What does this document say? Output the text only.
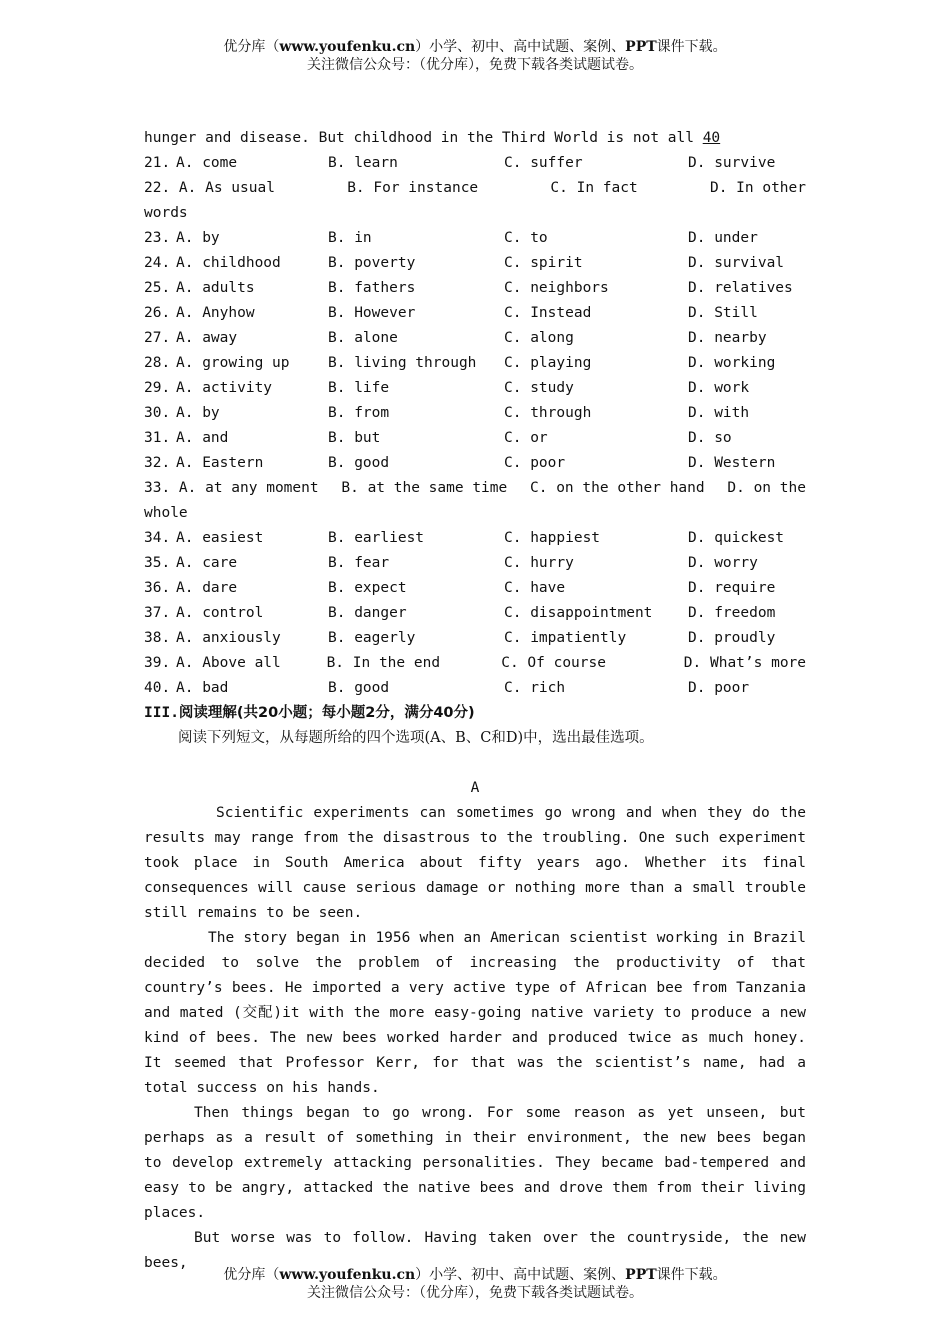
优分库（www.youfenku.cn）小学、初中、高中试题、案例、PPT课件下载。
关注微信公众号：（优分库），免费下载各类试题试卷。
hunger and disease. But childhood in the Third World is not all 40
21. A. come	B. learn	C. suffer	D. survive
22. A. As usual	B. For instance	C. In fact	D. In other
words
23. A. by	B. in	C. to	D. under
24. A. childhood	B. poverty	C. spirit	D. survival
25. A. adults	B. fathers	C. neighbors	D. relatives
26. A. Anyhow	B. However	C. Instead	D. Still
27. A. away	B. alone	C. along	D. nearby
28. A. growing up	B. living through	C. playing	D. working
29. A. activity	B. life	C. study	D. work
30. A. by	B. from	C. through	D. with
31. A. and	B. but	C. or	D. so
32. A. Eastern	B. good	C. poor	D. Western
33. A. at any moment B. at the same time C. on the other hand D. on the
whole
34. A. easiest	B. earliest	C. happiest	D. quickest
35. A. care	B. fear	C. hurry	D. worry
36. A. dare	B. expect	C. have	D. require
37. A. control	B. danger	C. disappointment	D. freedom
38. A. anxiously	B. eagerly	C. impatiently	D. proudly
39. A. Above all	B. In the end	C. Of course	D. What’s more
40. A. bad	B. good	C. rich	D. poor
III.阅读理解(共20小题；每小题2分，满分40分)
阅读下列短文，从每题所给的四个选项(A、B、C和D)中，选出最佳选项。
A
Scientific experiments can sometimes go wrong and when they do the results may range from the disastrous to the troubling. One such experiment took place in South America about fifty years ago. Whether its final consequences will cause serious damage or nothing more than a small trouble still remains to be seen.
The story began in 1956 when an American scientist working in Brazil decided to solve the problem of increasing the productivity of that country’s bees. He imported a very active type of African bee from Tanzania and mated (交配)it with the more easy-going native variety to produce a new kind of bees. The new bees worked harder and produced twice as much honey. It seemed that Professor Kerr, for that was the scientist’s name, had a total success on his hands.
Then things began to go wrong. For some reason as yet unseen, but perhaps as a result of something in their environment, the new bees began to develop extremely attacking personalities. They became bad-tempered and easy to be angry, attacked the native bees and drove them from their living places.
But worse was to follow. Having taken over the countryside, the new bees,
优分库（www.youfenku.cn）小学、初中、高中试题、案例、PPT课件下载。
关注微信公众号：（优分库），免费下载各类试题试卷。
